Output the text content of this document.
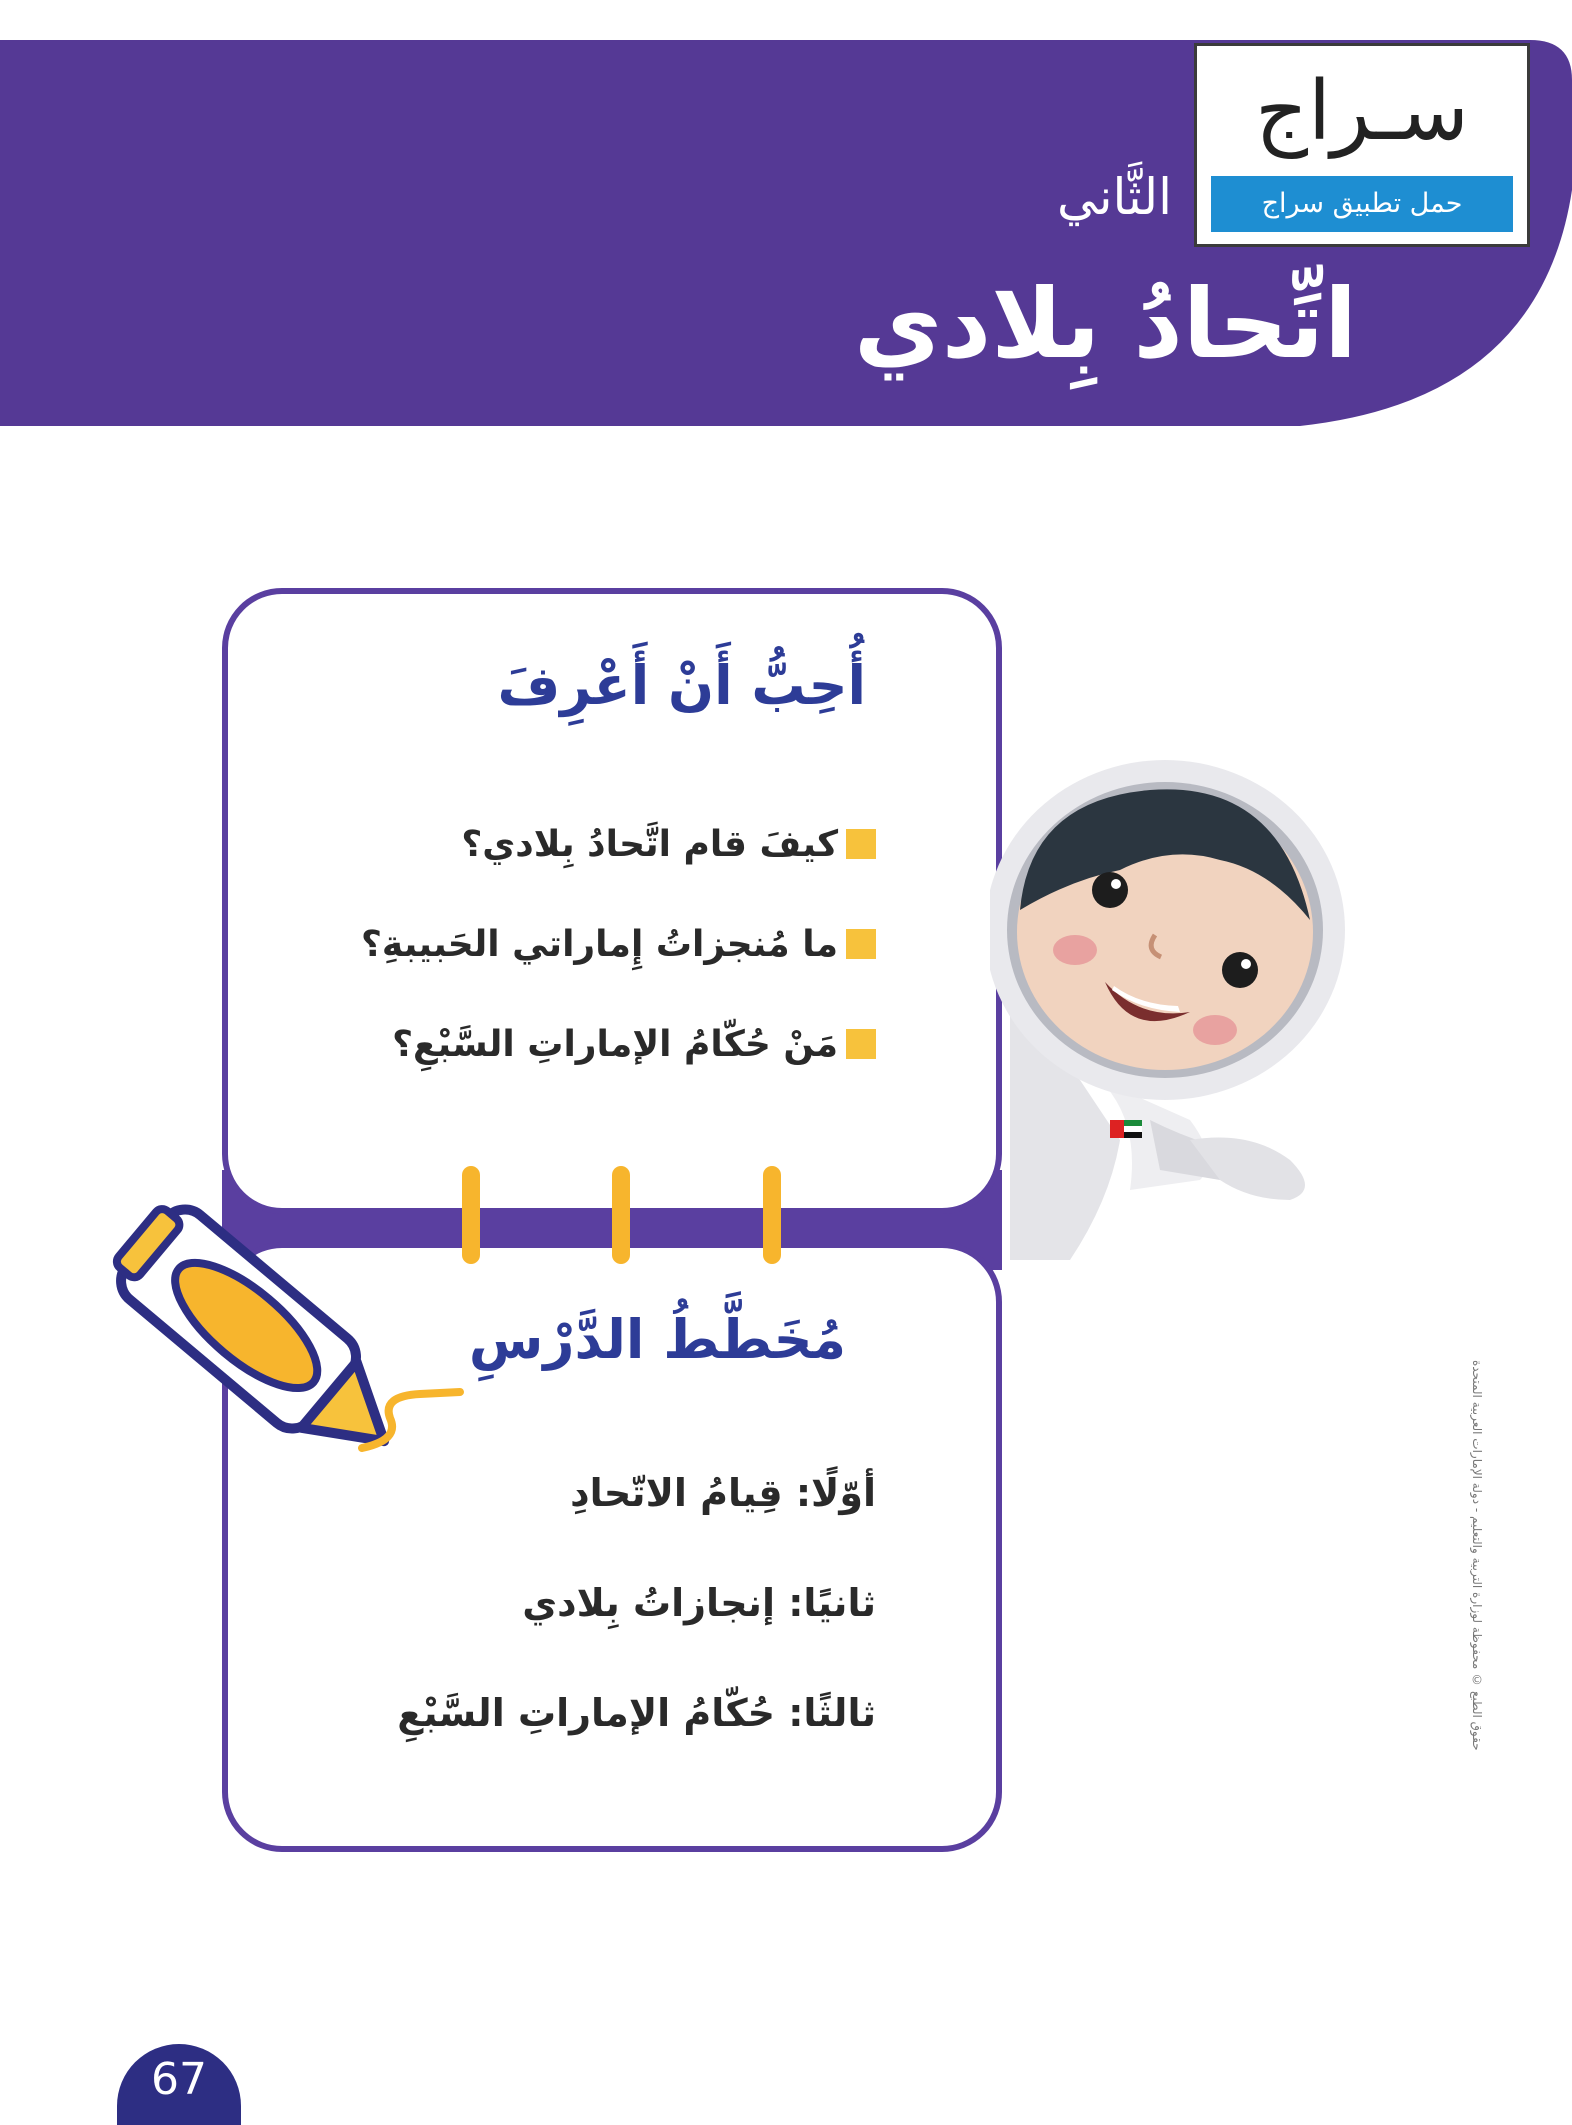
الثَّاني
اتِّحادُ بِلادي
سـراج
حمل تطبيق سراج
أُحِبُّ أَنْ أَعْرِفَ
كيفَ قام اتَّحادُ بِلادي؟
ما مُنجزاتُ إِماراتي الحَبيبةِ؟
مَنْ حُكّامُ الإماراتِ السَّبْعِ؟
مُخَطَّطُ الدَّرْسِ
أوّلًا: قِيامُ الاتّحادِ
ثانيًا: إنجازاتُ بِلادي
ثالثًا: حُكّامُ الإماراتِ السَّبْعِ	حقوق الطبع © محفوظة لوزارة التربية والتعليم - دولة الإمارات العربية المتحدة
67
